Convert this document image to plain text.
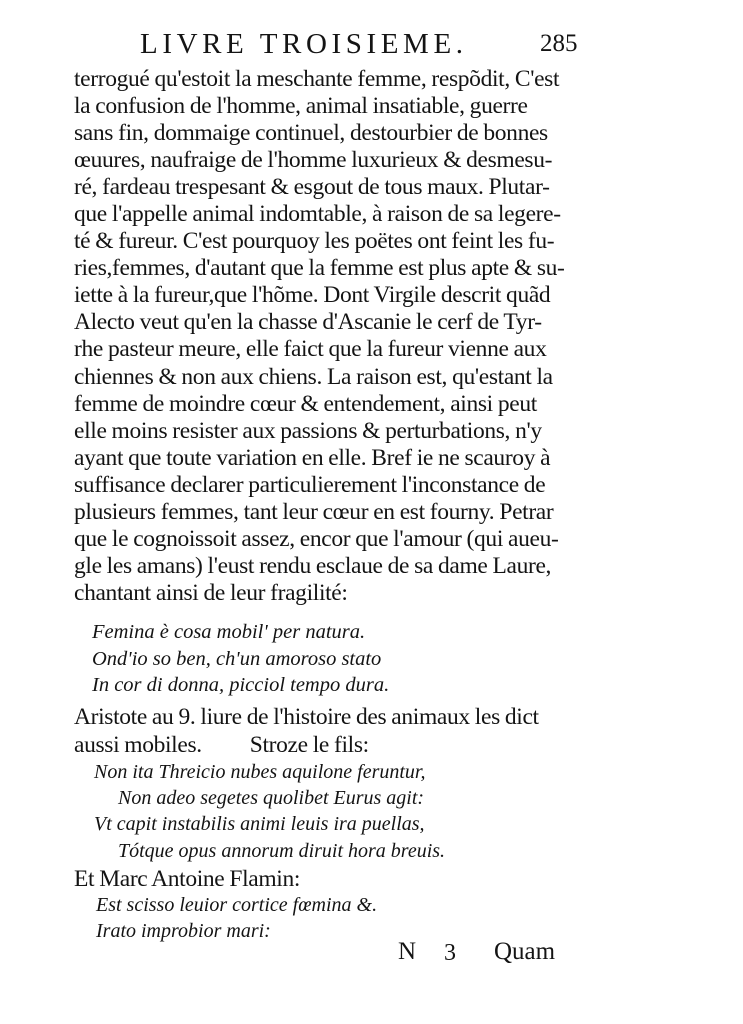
LIVRE TROISIEME.	285
terrogué qu'estoit la meschante femme, respõdit, C'est
la confusion de l'homme, animal insatiable, guerre
sans fin, dommaige continuel, destourbier de bonnes
œuures, naufraige de l'homme luxurieux & desmesu-
ré, fardeau trespesant & esgout de tous maux. Plutar-
que l'appelle animal indomtable, à raison de sa legere-
té & fureur. C'est pourquoy les poëtes ont feint les fu-
ries,femmes, d'autant que la femme est plus apte & su-
iette à la fureur,que l'hõme. Dont Virgile descrit quãd
Alecto veut qu'en la chasse d'Ascanie le cerf de Tyr-
rhe pasteur meure, elle faict que la fureur vienne aux
chiennes & non aux chiens. La raison est, qu'estant la
femme de moindre cœur & entendement, ainsi peut
elle moins resister aux passions & perturbations, n'y
ayant que toute variation en elle. Bref ie ne scauroy à
suffisance declarer particulierement l'inconstance de
plusieurs femmes, tant leur cœur en est fourny. Petrar
que le cognoissoit assez, encor que l'amour (qui aueu-
gle les amans) l'eust rendu esclaue de sa dame Laure,
chantant ainsi de leur fragilité:
Femina è cosa mobil' per natura.
Ond'io so ben, ch'un amoroso stato
In cor di donna, picciol tempo dura.
Aristote au 9. liure de l'histoire des animaux les dict
aussi mobiles. Stroze le fils:
Non ita Threicio nubes aquilone feruntur,
Non adeo segetes quolibet Eurus agit:
Vt capit instabilis animi leuis ira puellas,
Tótque opus annorum diruit hora breuis.
Et Marc Antoine Flamin:
Est scisso leuior cortice fœmina &.
Irato improbior mari:
N 3 Quam
